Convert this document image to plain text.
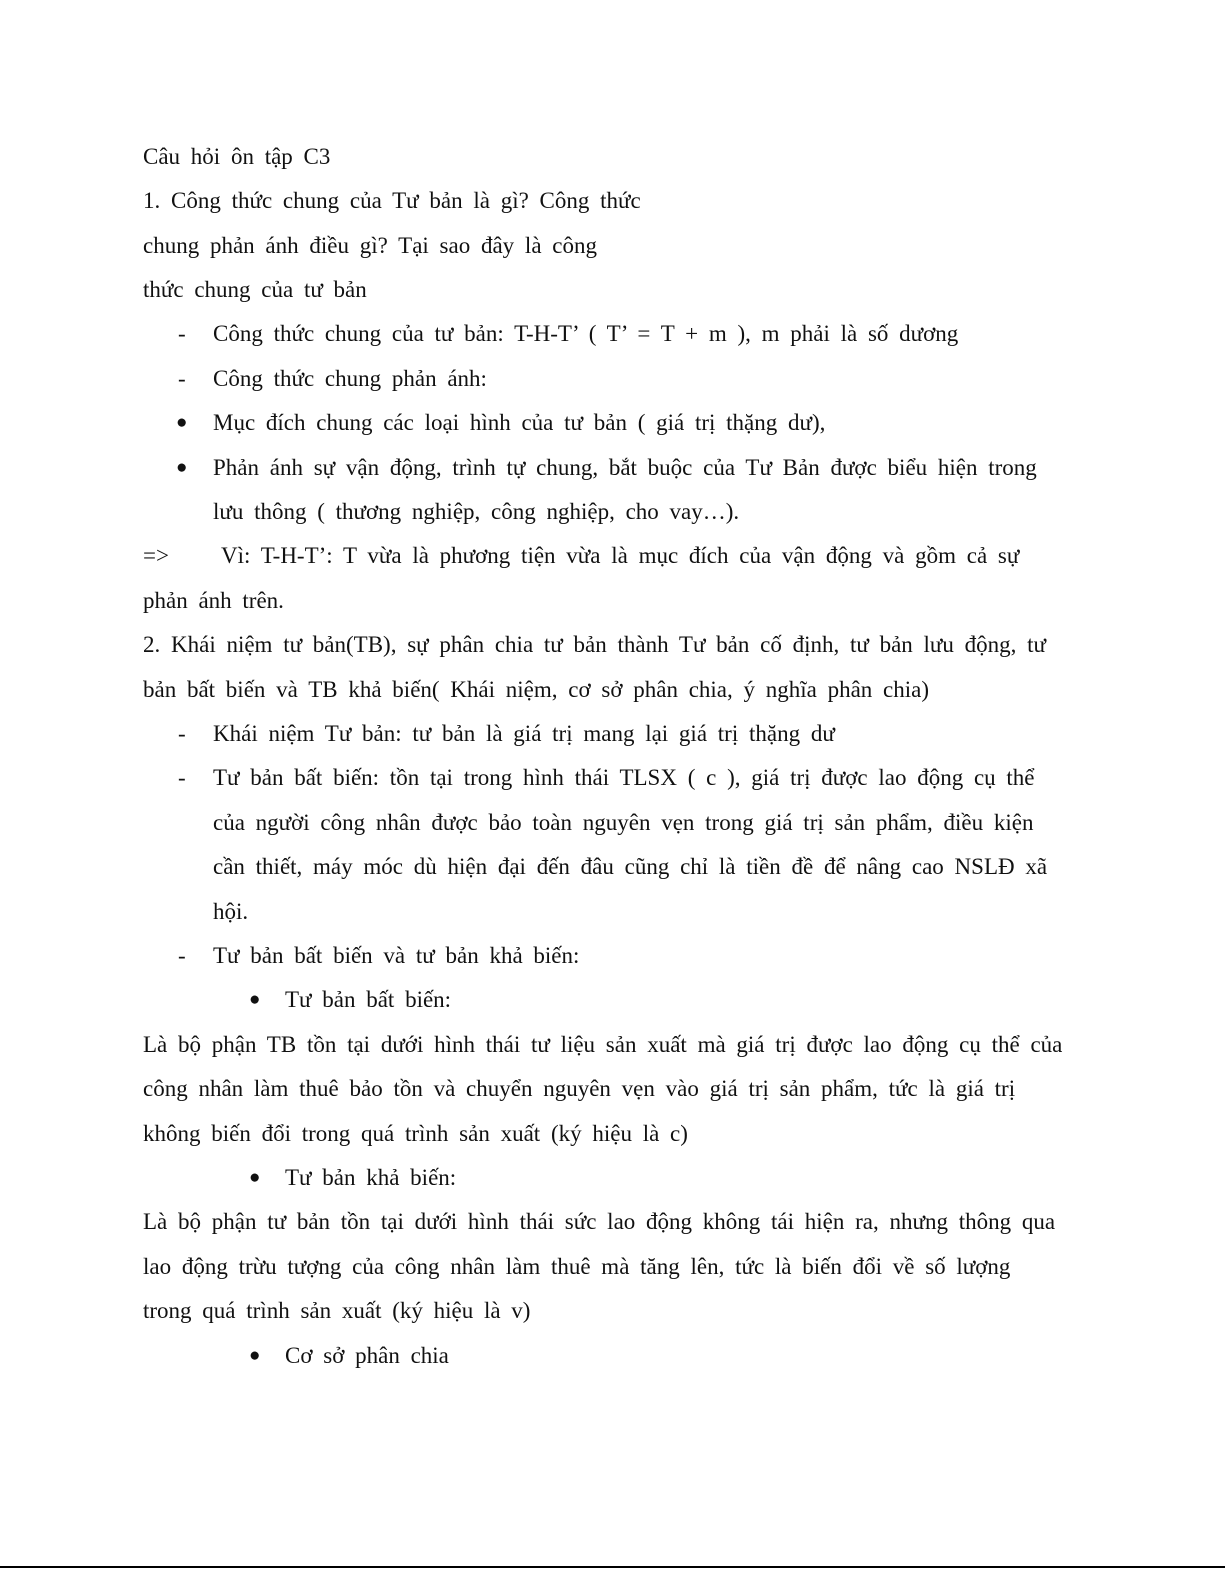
Câu hỏi ôn tập C3

1. Công thức chung của Tư bản là gì? Công thức

chung phản ánh điều gì? Tại sao đây là công

thức chung của tư bản

- Công thức chung của tư bản: T-H-T’ ( T’ = T + m ), m phải là số dương

- Công thức chung phản ánh:

● Mục đích chung các loại hình của tư bản ( giá trị thặng dư),

● Phản ánh sự vận động, trình tự chung, bắt buộc của Tư Bản được biểu hiện trong

lưu thông ( thương nghiệp, công nghiệp, cho vay…).

=> Vì: T-H-T’: T vừa là phương tiện vừa là mục đích của vận động và gồm cả sự

phản ánh trên.

2. Khái niệm tư bản(TB), sự phân chia tư bản thành Tư bản cố định, tư bản lưu động, tư

bản bất biến và TB khả biến( Khái niệm, cơ sở phân chia, ý nghĩa phân chia)

- Khái niệm Tư bản: tư bản là giá trị mang lại giá trị thặng dư

- Tư bản bất biến: tồn tại trong hình thái TLSX ( c ), giá trị được lao động cụ thể

của người công nhân được bảo toàn nguyên vẹn trong giá trị sản phẩm, điều kiện

cần thiết, máy móc dù hiện đại đến đâu cũng chỉ là tiền đề để nâng cao NSLĐ xã

hội.

- Tư bản bất biến và tư bản khả biến:

● Tư bản bất biến:

Là bộ phận TB tồn tại dưới hình thái tư liệu sản xuất mà giá trị được lao động cụ thể của

công nhân làm thuê bảo tồn và chuyển nguyên vẹn vào giá trị sản phẩm, tức là giá trị

không biến đổi trong quá trình sản xuất (ký hiệu là c)

● Tư bản khả biến:

Là bộ phận tư bản tồn tại dưới hình thái sức lao động không tái hiện ra, nhưng thông qua

lao động trừu tượng của công nhân làm thuê mà tăng lên, tức là biến đổi về số lượng

trong quá trình sản xuất (ký hiệu là v)

● Cơ sở phân chia
